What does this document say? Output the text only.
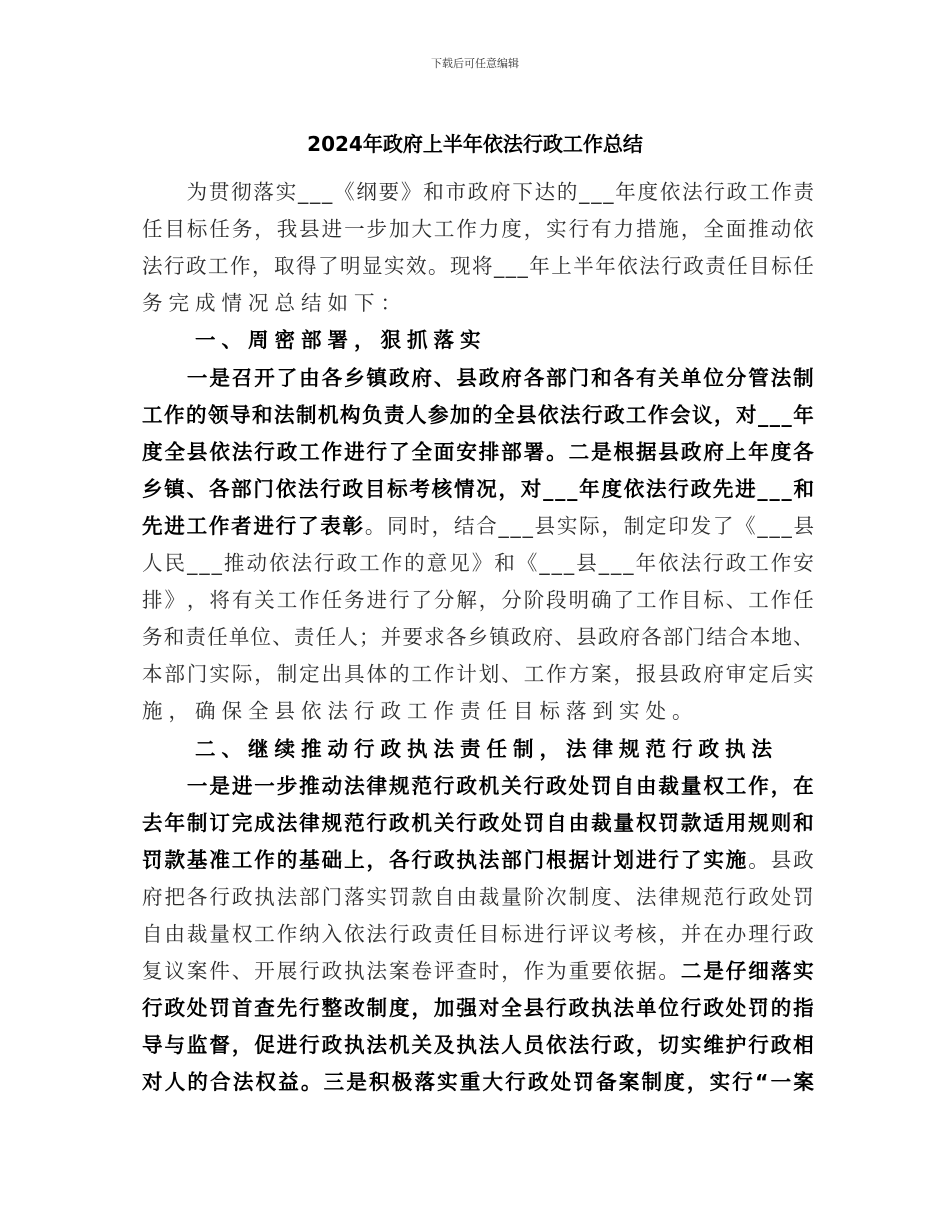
下载后可任意编辑
2024年政府上半年依法行政工作总结

为 贯 彻 落 实 _ _ _ 《 纲 要 》 和 市 政 府 下 达 的 _ _ _ 年 度 依 法 行 政 工 作 责
任 目 标 任 务 ， 我 县 进 一 步 加 大 工 作 力 度 ， 实 行 有 力 措 施 ， 全 面 推 动 依
法 行 政 工 作 ， 取 得 了 明 显 实 效 。 现 将 _ _ _ 年 上 半 年 依 法 行 政 责 任 目 标 任
务完成情况总结如下：
　　一、周密部署，狠抓落实

一 是 召 开 了 由 各 乡 镇 政 府 、 县 政 府 各 部 门 和 各 有 关 单 位 分 管 法 制
工 作 的 领 导 和 法 制 机 构 负 责 人 参 加 的 全 县 依 法 行 政 工 作 会 议 ， 对 _ _ _ 年
度 全 县 依 法 行 政 工 作 进 行 了 全 面 安 排 部 署 。 二 是 根 据 县 政 府 上 年 度 各
乡 镇 、 各 部 门 依 法 行 政 目 标 考 核 情 况 ， 对 _ _ _ 年 度 依 法 行 政 先 进 _ _ _ 和
先 进 工 作 者 进 行 了 表 彰 。 同 时 ， 结 合 _ _ _ 县 实 际 ， 制 定 印 发 了 《 _ _ _ 县
人 民 _ _ _ 推 动 依 法 行 政 工 作 的 意 见 》 和 《 _ _ _ 县 _ _ _ 年 依 法 行 政 工 作 安
排 》 ， 将 有 关 工 作 任 务 进 行 了 分 解 ， 分 阶 段 明 确 了 工 作 目 标 、 工 作 任
务 和 责 任 单 位 、 责 任 人 ； 并 要 求 各 乡 镇 政 府 、 县 政 府 各 部 门 结 合 本 地 、
本 部 门 实 际 ， 制 定 出 具 体 的 工 作 计 划 、 工 作 方 案 ， 报 县 政 府 审 定 后 实
施，确保全县依法行政工作责任目标落到实处。
　　二、继续推动行政执法责任制，法律规范行政执法

一 是 进 一 步 推 动 法 律 规 范 行 政 机 关 行 政 处 罚 自 由 裁 量 权 工 作 ， 在
去 年 制 订 完 成 法 律 规 范 行 政 机 关 行 政 处 罚 自 由 裁 量 权 罚 款 适 用 规 则 和
罚 款 基 准 工 作 的 基 础 上 ， 各 行 政 执 法 部 门 根 据 计 划 进 行 了 实 施 。 县 政
府 把 各 行 政 执 法 部 门 落 实 罚 款 自 由 裁 量 阶 次 制 度 、 法 律 规 范 行 政 处 罚
自 由 裁 量 权 工 作 纳 入 依 法 行 政 责 任 目 标 进 行 评 议 考 核 ， 并 在 办 理 行 政
复 议 案 件 、 开 展 行 政 执 法 案 卷 评 查 时 ， 作 为 重 要 依 据 。 二 是 仔 细 落 实
行 政 处 罚 首 查 先 行 整 改 制 度 ， 加 强 对 全 县 行 政 执 法 单 位 行 政 处 罚 的 指
导 与 监 督 ， 促 进 行 政 执 法 机 关 及 执 法 人 员 依 法 行 政 ， 切 实 维 护 行 政 相
对 人 的 合 法 权 益 。 三 是 积 极 落 实 重 大 行 政 处 罚 备 案 制 度 ， 实 行 “ 一 案
